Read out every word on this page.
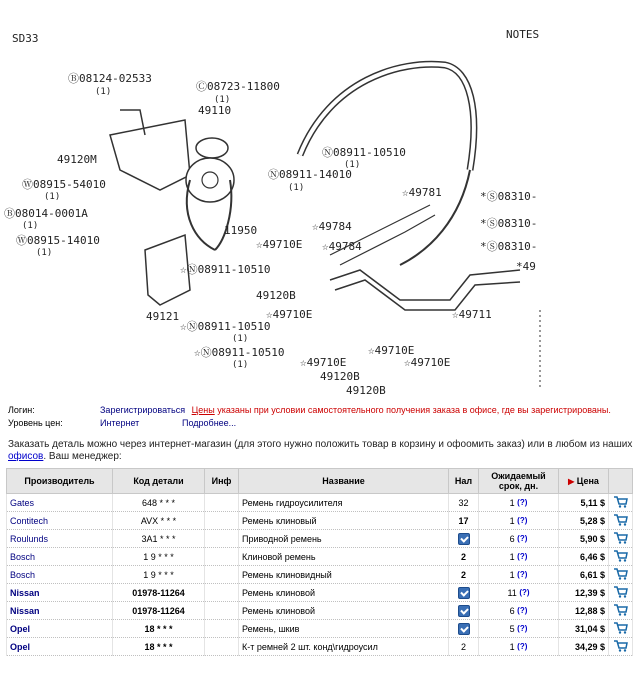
SD33	NOTES
Ⓑ08124-02533
(1)	Ⓒ08723-11800
(1)
49110
49120M
Ⓝ08911-10510
(1)
Ⓝ08911-14010
(1)
Ⓦ08915-54010
(1)
Ⓑ08014-0001A
(1)
Ⓦ08915-14010
(1)
☆49781	*Ⓢ08310-
*Ⓢ08310-
*Ⓢ08310-
11950	☆49784
☆49710E ☆49784
*49
☆Ⓝ08911-10510
49121
49120B
☆49710E	☆49711
☆Ⓝ08911-10510
(1)
☆49710E
☆Ⓝ08911-10510
(1)	☆49710E	☆49710E
49120B
49120B
Логин:	Зарегистрироваться Цены указаны при условии самостоятельного получения заказа в офисе, где вы зарегистрированы.
Уровень цен:	Интернет	Подробнее...
Заказать деталь можно через интернет-магазин (для этого нужно положить товар в корзину и офоомить заказ) или в любом из наших офисов. Ваш менеджер:
Производитель	Код детали	Инф	Название	Нал	Ожидаемый срок, дн.	▶ Цена	
Gates	648 * * *		Ремень гидроусилителя	32	1 (?)	5,11 $	
Contitech	AVX * * *		Ремень клиновый	17	1 (?)	5,28 $	
Roulunds	3A1 * * *		Приводной ремень		6 (?)	5,90 $	
Bosch	1 9 * * *		Клиновой ремень	2	1 (?)	6,46 $	
Bosch	1 9 * * *		Ремень клиновидный	2	1 (?)	6,61 $	
Nissan	01978-11264		Ремень клиновой		11 (?)	12,39 $	
Nissan	01978-11264		Ремень клиновой		6 (?)	12,88 $	
Opel	18 * * *		Ремень, шкив		5 (?)	31,04 $	
Opel	18 * * *		К-т ремней 2 шт. конд\гидроусил	2	1 (?)	34,29 $	
